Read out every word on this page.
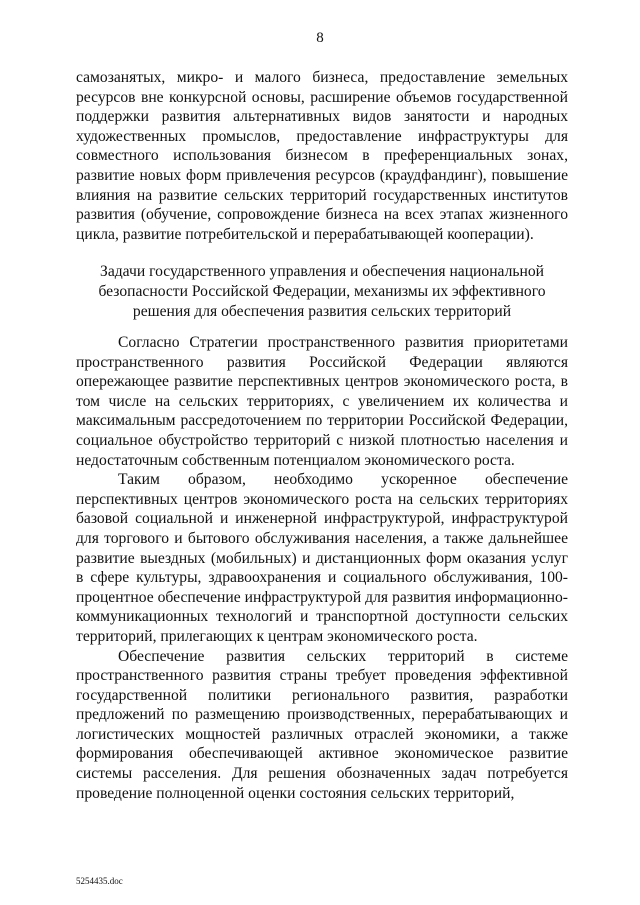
8

самозанятых, микро- и малого бизнеса, предоставление земельных ресурсов вне конкурсной основы, расширение объемов государственной поддержки развития альтернативных видов занятости и народных художественных промыслов, предоставление инфраструктуры для совместного использования бизнесом в преференциальных зонах, развитие новых форм привлечения ресурсов (краудфандинг), повышение влияния на развитие сельских территорий государственных институтов развития (обучение, сопровождение бизнеса на всех этапах жизненного цикла, развитие потребительской и перерабатывающей кооперации).

Задачи государственного управления и обеспечения национальной
безопасности Российской Федерации, механизмы их эффективного
решения для обеспечения развития сельских территорий

Согласно Стратегии пространственного развития приоритетами пространственного развития Российской Федерации являются опережающее развитие перспективных центров экономического роста, в том числе на сельских территориях, с увеличением их количества и максимальным рассредоточением по территории Российской Федерации, социальное обустройство территорий с низкой плотностью населения и недостаточным собственным потенциалом экономического роста.

Таким образом, необходимо ускоренное обеспечение перспективных центров экономического роста на сельских территориях базовой социальной и инженерной инфраструктурой, инфраструктурой для торгового и бытового обслуживания населения, а также дальнейшее развитие выездных (мобильных) и дистанционных форм оказания услуг в сфере культуры, здравоохранения и социального обслуживания, 100-процентное обеспечение инфраструктурой для развития информационно-коммуникационных технологий и транспортной доступности сельских территорий, прилегающих к центрам экономического роста.

Обеспечение развития сельских территорий в системе пространственного развития страны требует проведения эффективной государственной политики регионального развития, разработки предложений по размещению производственных, перерабатывающих и логистических мощностей различных отраслей экономики, а также формирования обеспечивающей активное экономическое развитие системы расселения. Для решения обозначенных задач потребуется проведение полноценной оценки состояния сельских территорий,

5254435.doc
